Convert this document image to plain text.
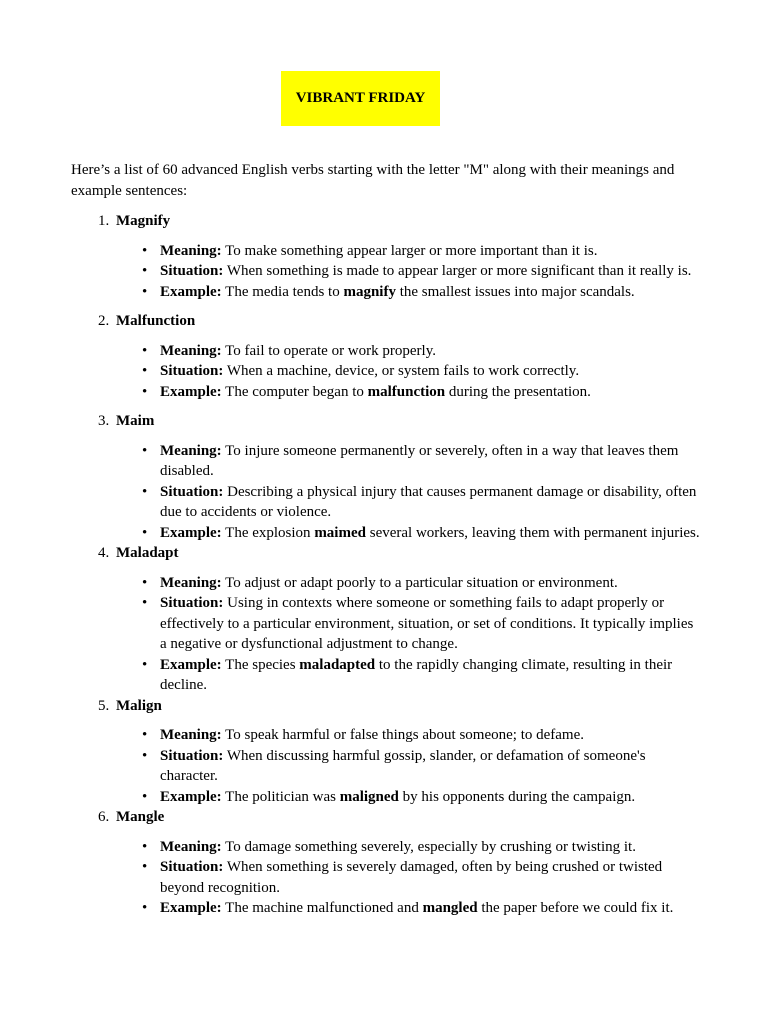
VIBRANT FRIDAY

Here’s a list of 60 advanced English verbs starting with the letter "M" along with their meanings and example sentences:

1. Magnify
• Meaning: To make something appear larger or more important than it is.
• Situation: When something is made to appear larger or more significant than it really is.
• Example: The media tends to magnify the smallest issues into major scandals.
2. Malfunction
• Meaning: To fail to operate or work properly.
• Situation: When a machine, device, or system fails to work correctly.
• Example: The computer began to malfunction during the presentation.
3. Maim
• Meaning: To injure someone permanently or severely, often in a way that leaves them disabled.
• Situation: Describing a physical injury that causes permanent damage or disability, often due to accidents or violence.
• Example: The explosion maimed several workers, leaving them with permanent injuries.
4. Maladapt
• Meaning: To adjust or adapt poorly to a particular situation or environment.
• Situation: Using in contexts where someone or something fails to adapt properly or effectively to a particular environment, situation, or set of conditions. It typically implies a negative or dysfunctional adjustment to change.
• Example: The species maladapted to the rapidly changing climate, resulting in their decline.
5. Malign
• Meaning: To speak harmful or false things about someone; to defame.
• Situation: When discussing harmful gossip, slander, or defamation of someone's character.
• Example: The politician was maligned by his opponents during the campaign.
6. Mangle
• Meaning: To damage something severely, especially by crushing or twisting it.
• Situation: When something is severely damaged, often by being crushed or twisted beyond recognition.
• Example: The machine malfunctioned and mangled the paper before we could fix it.
